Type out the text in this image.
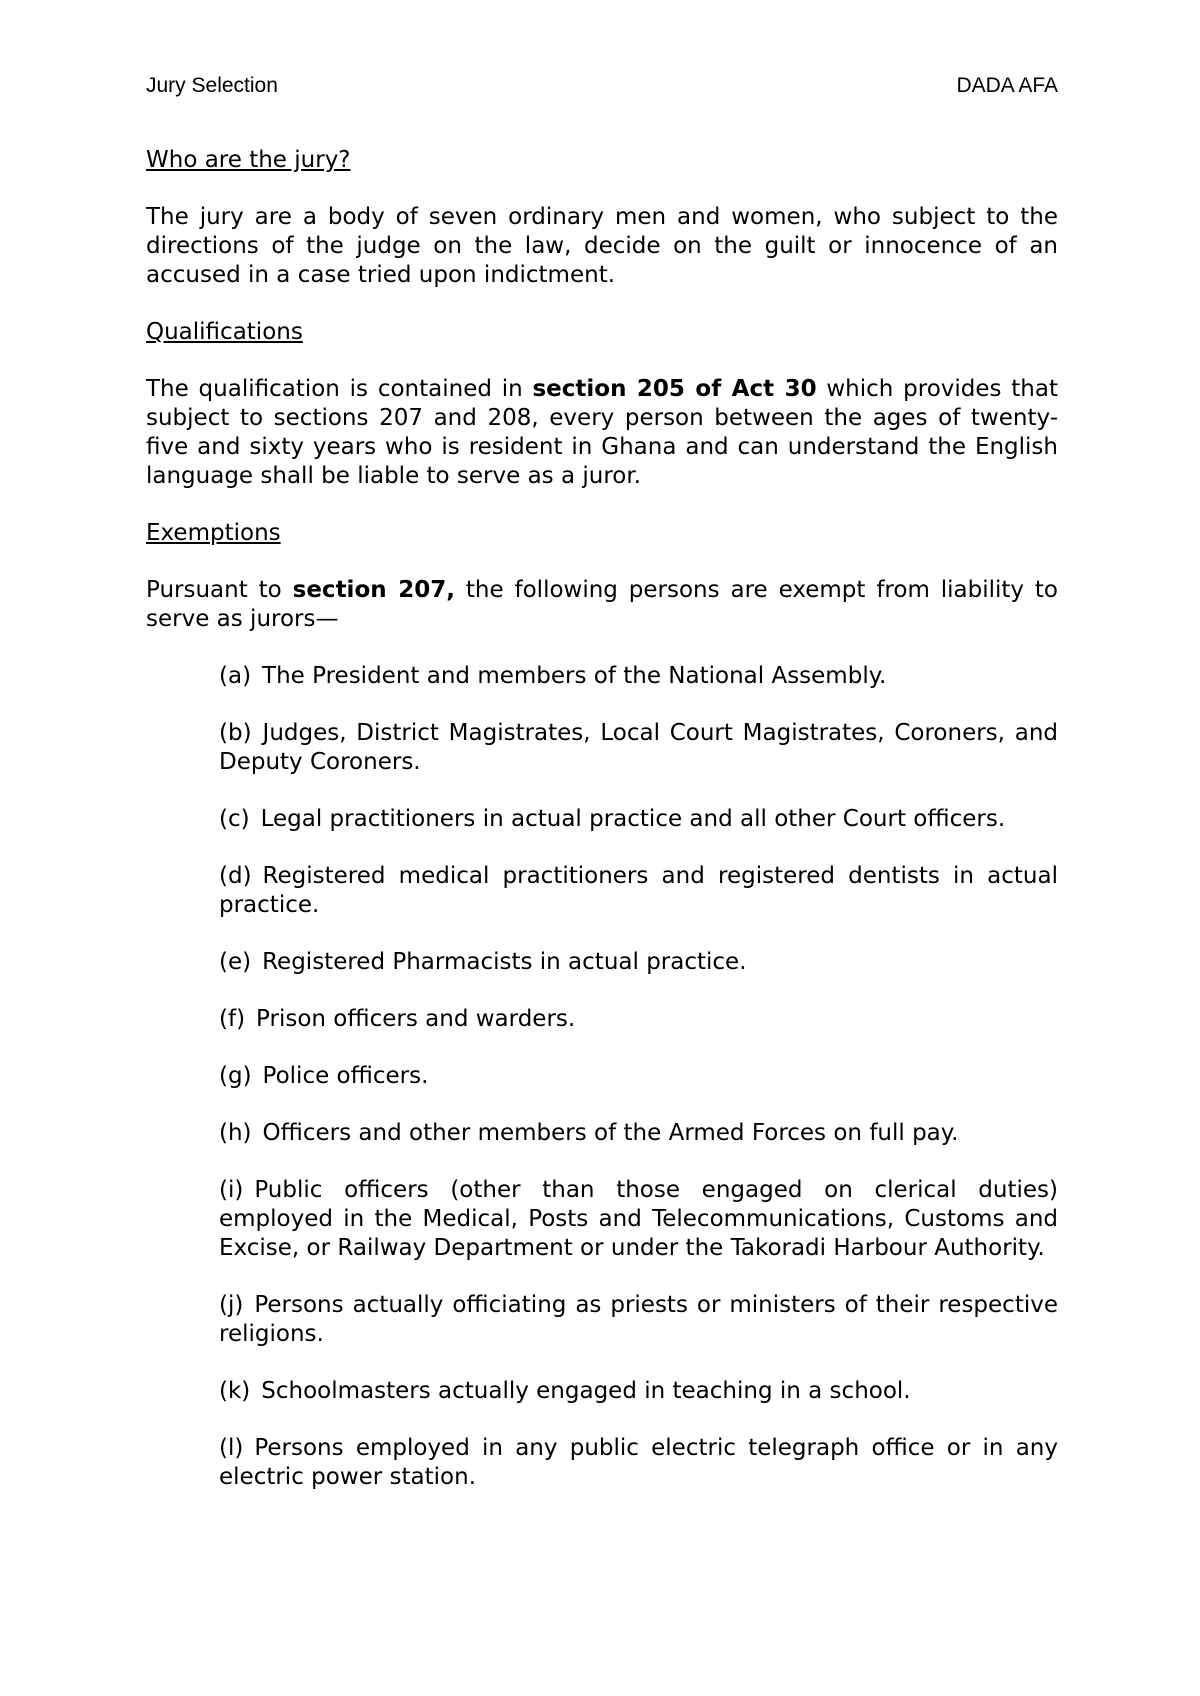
Jury Selection	DADA AFA
Who are the jury?
The jury are a body of seven ordinary men and women, who subject to the directions of the judge on the law, decide on the guilt or innocence of an accused in a case tried upon indictment.
Qualifications
The qualification is contained in section 205 of Act 30 which provides that subject to sections 207 and 208, every person between the ages of twenty-five and sixty years who is resident in Ghana and can understand the English language shall be liable to serve as a juror.
Exemptions
Pursuant to section 207, the following persons are exempt from liability to serve as jurors—
(a) The President and members of the National Assembly.
(b) Judges, District Magistrates, Local Court Magistrates, Coroners, and Deputy Coroners.
(c) Legal practitioners in actual practice and all other Court officers.
(d) Registered medical practitioners and registered dentists in actual practice.
(e) Registered Pharmacists in actual practice.
(f) Prison officers and warders.
(g) Police officers.
(h) Officers and other members of the Armed Forces on full pay.
(i) Public officers (other than those engaged on clerical duties) employed in the Medical, Posts and Telecommunications, Customs and Excise, or Railway Department or under the Takoradi Harbour Authority.
(j) Persons actually officiating as priests or ministers of their respective religions.
(k) Schoolmasters actually engaged in teaching in a school.
(l) Persons employed in any public electric telegraph office or in any electric power station.
